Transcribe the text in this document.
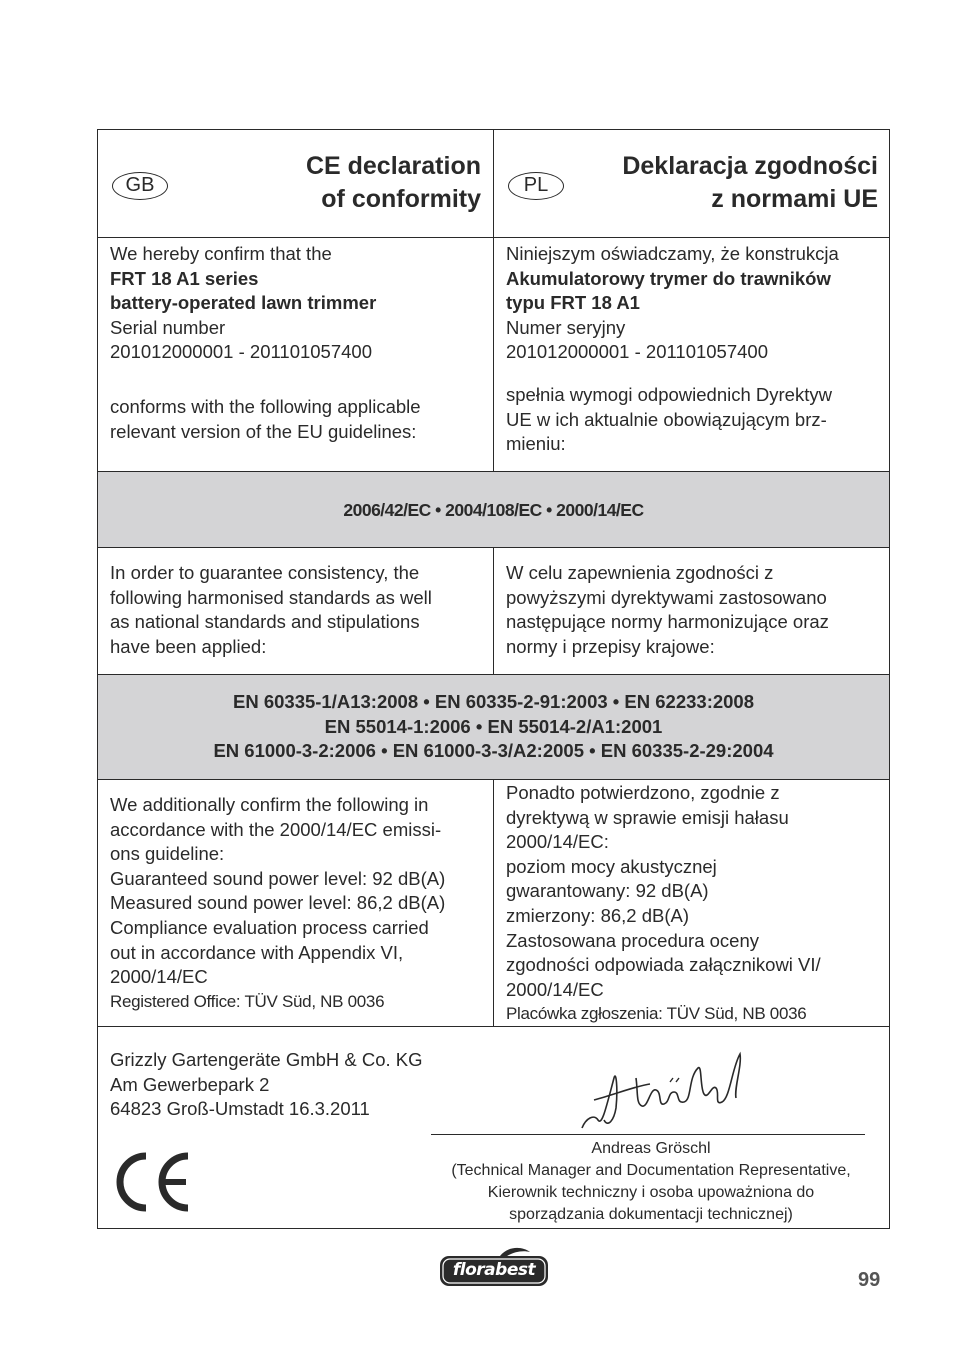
2006/42/EC • 2004/108/EC • 2000/14/EC
EN 60335-1/A13:2008 • EN 60335-2-91:2003 • EN 62233:2008
EN 55014-1:2006 • EN 55014-2/A1:2001
EN 61000-3-2:2006 • EN 61000-3-3/A2:2005 • EN 60335-2-29:2004
GB
CE declaration
of conformity	PL
Deklaracja zgodności
z normami UE
We hereby confirm that the
FRT 18 A1 series
battery-operated lawn trimmer
Serial number
201012000001 - 201101057400
conforms with the following applicable
relevant version of the EU guidelines:
Niniejszym oświadczamy, że konstrukcja
Akumulatorowy trymer do trawników
typu FRT 18 A1
Numer seryjny
201012000001 - 201101057400
spełnia wymogi odpowiednich Dyrektyw
UE w ich aktualnie obowiązującym brz-
mieniu:
In order to guarantee consistency, the
following harmonised standards as well
as national standards and stipulations
have been applied:
W celu zapewnienia zgodności z
powyższymi dyrektywami zastosowano
następujące normy harmonizujące oraz
normy i przepisy krajowe:
We additionally confirm the following in
accordance with the 2000/14/EC emissi-
ons guideline:
Guaranteed sound power level: 92 dB(A)
Measured sound power level: 86,2 dB(A)
Compliance evaluation process carried
out in accordance with Appendix VI,
2000/14/EC
Registered Office: TÜV Süd, NB 0036
Ponadto potwierdzono, zgodnie z
dyrektywą w sprawie emisji hałasu
2000/14/EC:
poziom mocy akustycznej
gwarantowany: 92 dB(A)
zmierzony: 86,2 dB(A)
Zastosowana procedura oceny
zgodności odpowiada załącznikowi VI/
2000/14/EC
Placówka zgłoszenia: TÜV Süd, NB 0036
Grizzly Gartengeräte GmbH & Co. KG
Am Gewerbepark 2
64823 Groß-Umstadt 16.3.2011
Andreas Gröschl
(Technical Manager and Documentation Representative,
Kierownik techniczny i osoba upoważniona do
sporządzania dokumentacji technicznej)
florabest	99
